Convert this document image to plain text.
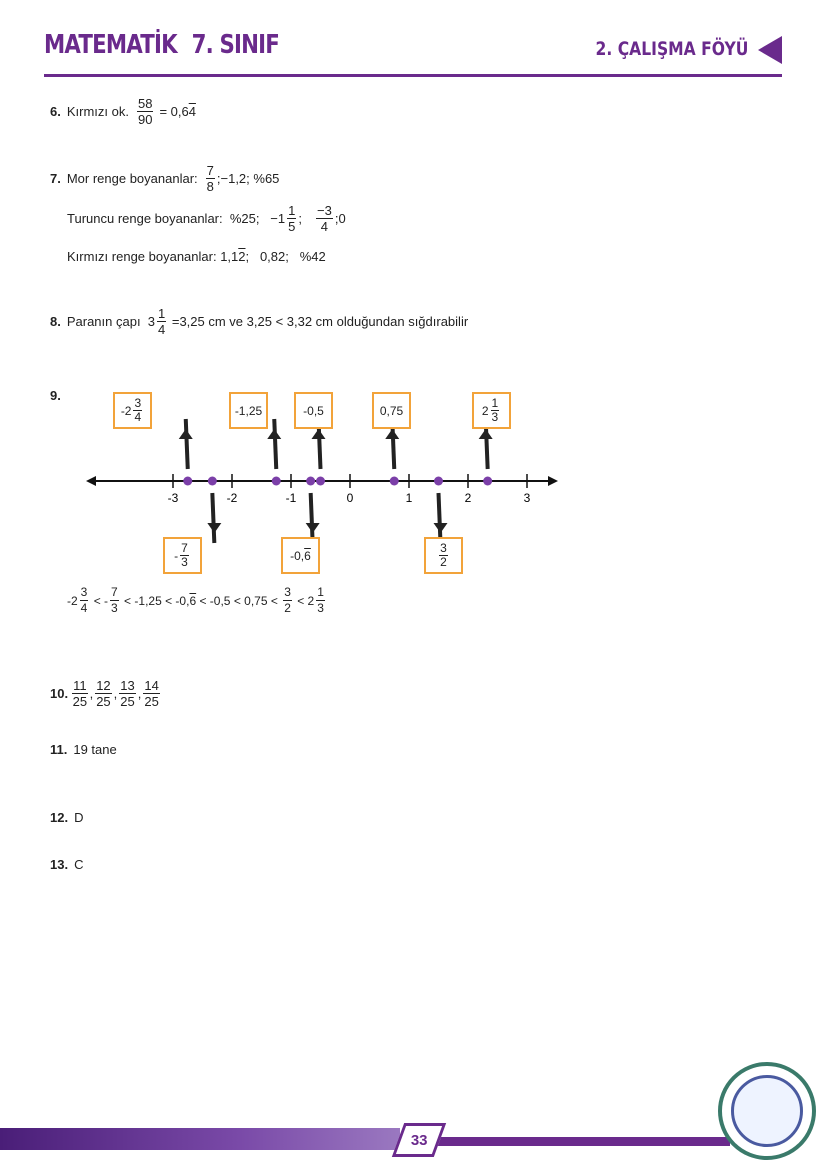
MATEMATİK 7. SINIF	2. ÇALIŞMA FÖYÜ
6. Kırmızı ok. $\frac{58}{90} = 0,6$ 4
7. Mor renge boyananlar: $\frac{7}{8}$ ;−1,2; %65
Turuncu renge boyananlar:  %25;   $-1 \frac{1}{5}$ ; $\frac{-3}{4}$ ;0
Kırmızı renge boyananlar: 1,1 2 ;   0,82;   %42
8. Paranın çapı  $3 \frac{1}{4} =3,25$ cm ve 3,25 < 3,32 cm olduğundan sığdırabilir
9.
-3	-2	-1	0	1	2	3
$-2 \frac{3}{4}$	-1,25	-0,5	0,75	$2 \frac{1}{3}$
- $\frac{7}{3}$	-0, 6	$\frac{3}{2}$
$-2 \frac{3}{4}$ < - $\frac{7}{3} < -1,25 < -0$, $6 < -0,5 < 0,75 < \frac{3}{2} < 2 \frac{1}{3}$
10. $\frac{11}{25}$ , $\frac{12}{25}$ , $\frac{13}{25}$ , $\frac{14}{25}$
11. 19 tane
12. D
13. C
33
